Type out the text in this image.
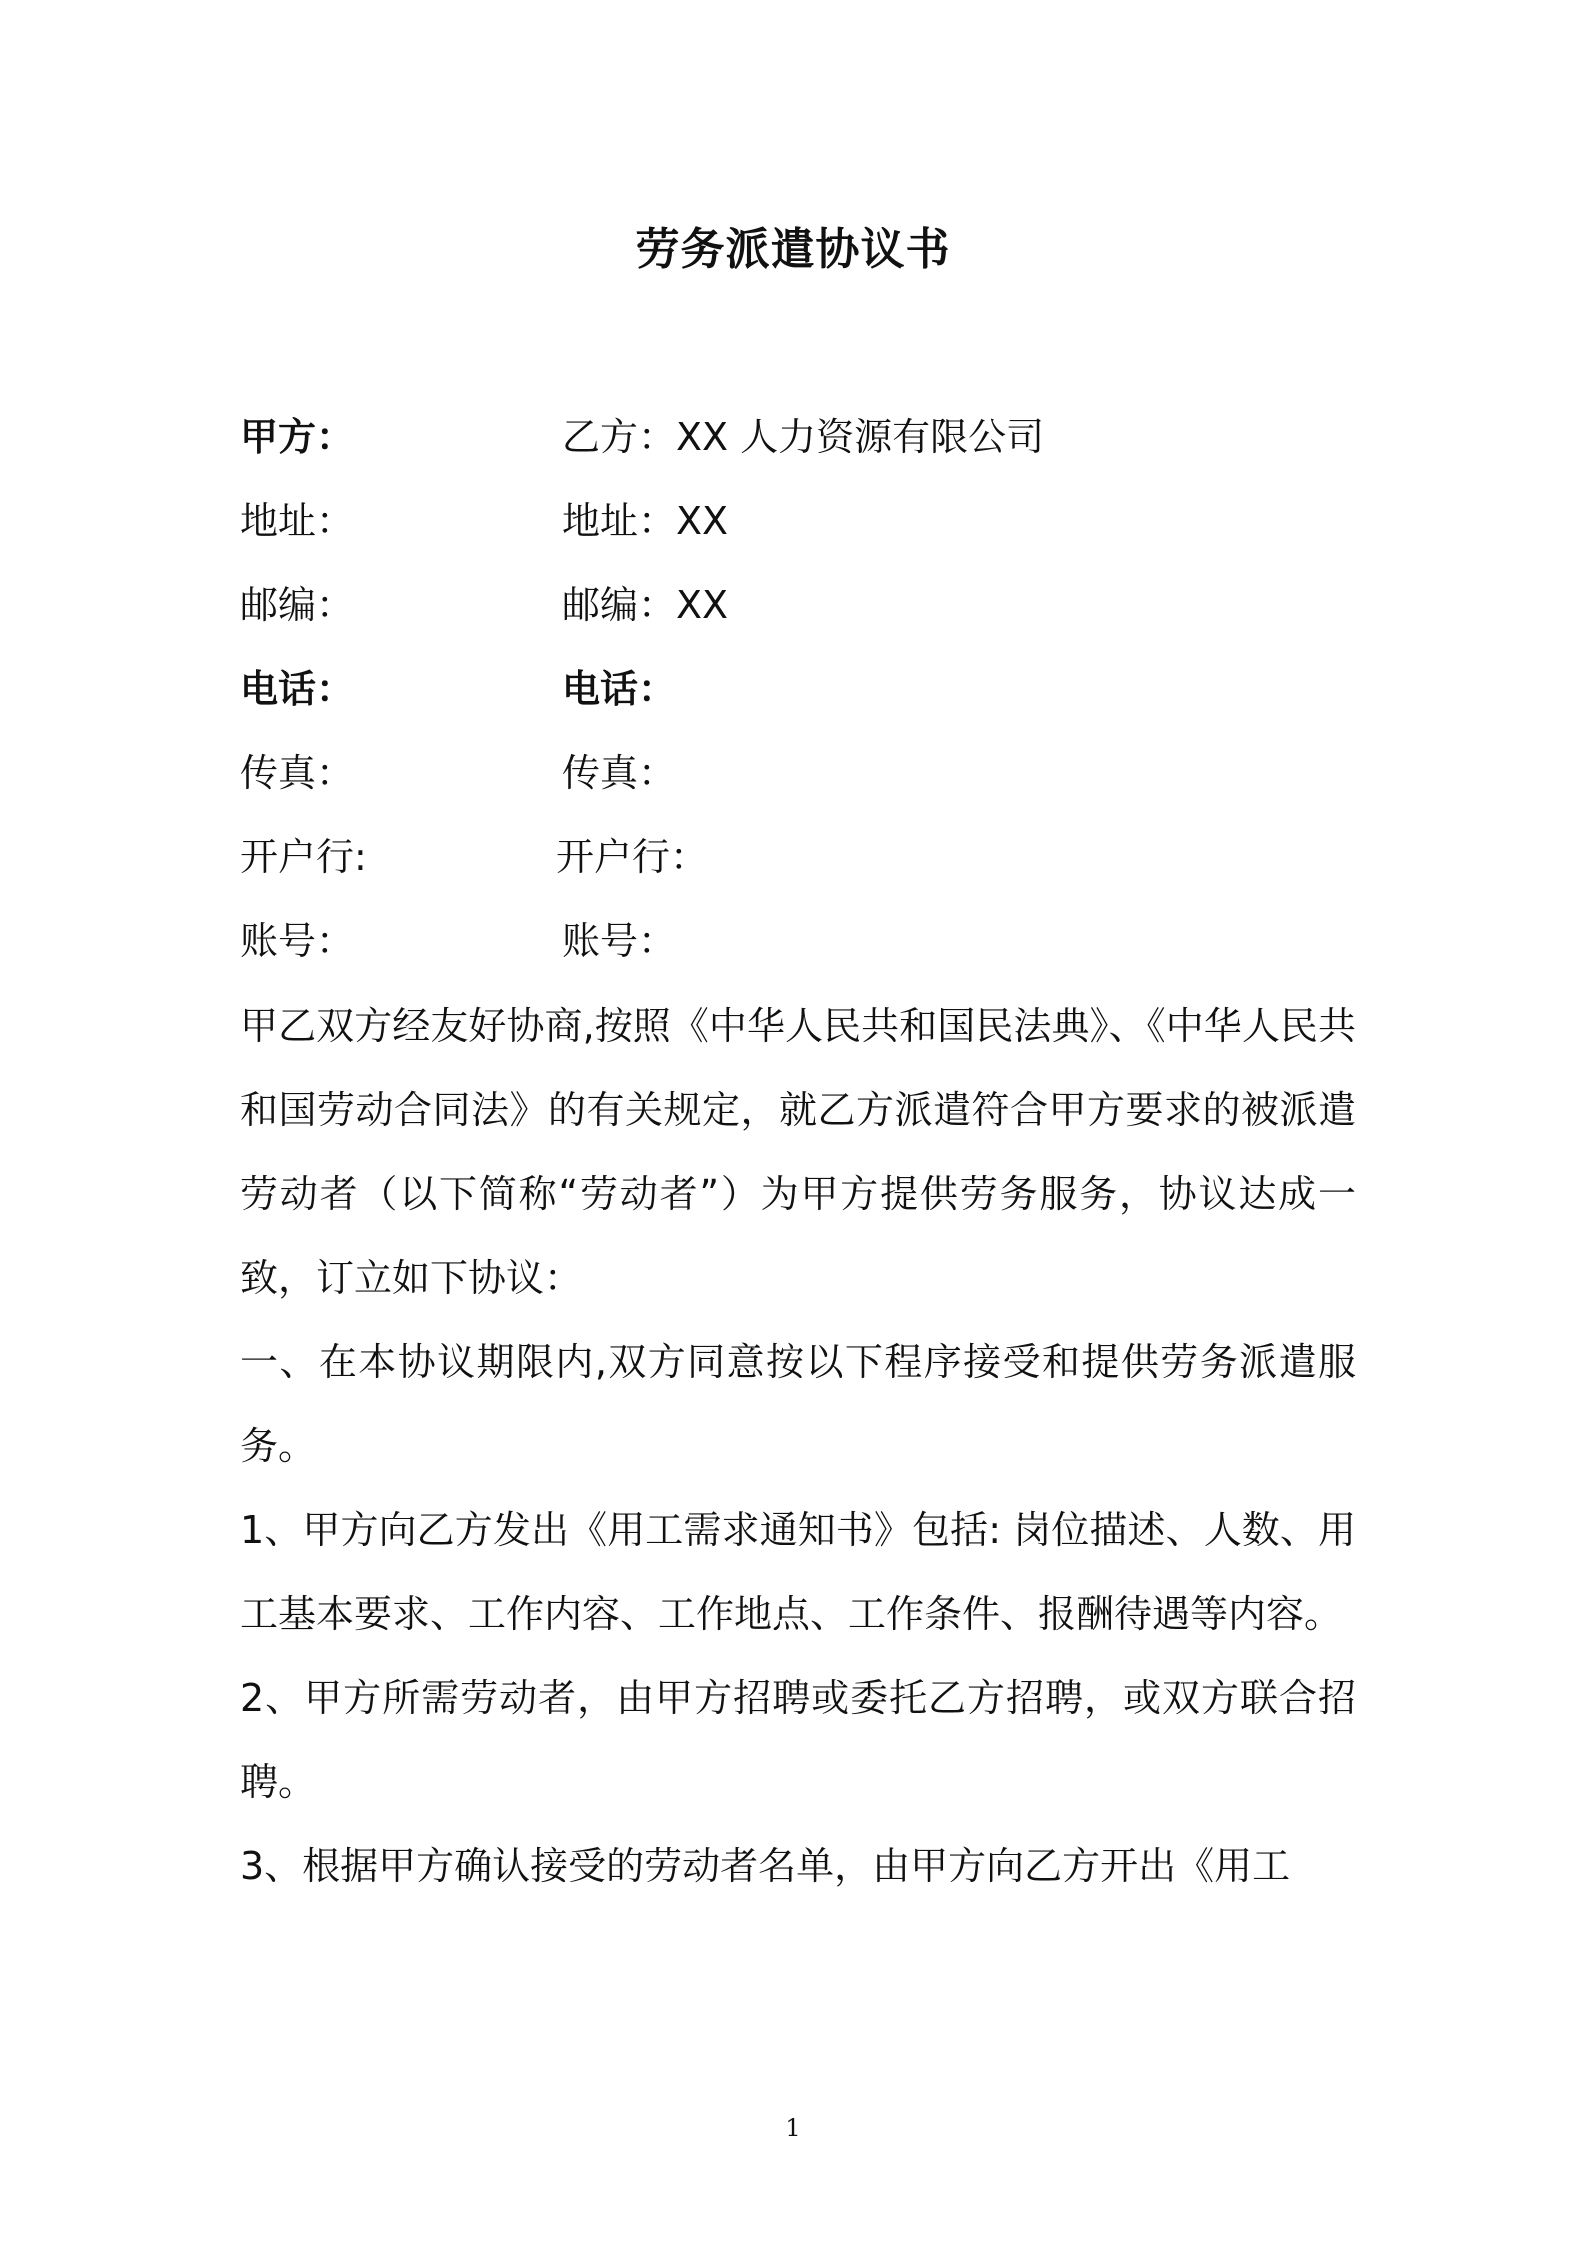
劳务派遣协议书
甲方：	乙方：XX 人力资源有限公司
地址：	地址：XX
邮编：	邮编：XX
电话：	电话：
传真：	传真：
开户行:	开户行：
账号：	账号：

甲乙双方经友好协商,按照《中华人民共和国民法典》、《中华人民共和国劳动合同法》的有关规定，就乙方派遣符合甲方要求的被派遣劳动者（以下简称“劳动者”）为甲方提供劳务服务，协议达成一致，订立如下协议：

一、在本协议期限内,双方同意按以下程序接受和提供劳务派遣服务。

1、甲方向乙方发出《用工需求通知书》包括: 岗位描述、人数、用工基本要求、工作内容、工作地点、工作条件、报酬待遇等内容。

2、甲方所需劳动者，由甲方招聘或委托乙方招聘，或双方联合招聘。

3、根据甲方确认接受的劳动者名单，由甲方向乙方开出《用工

1
